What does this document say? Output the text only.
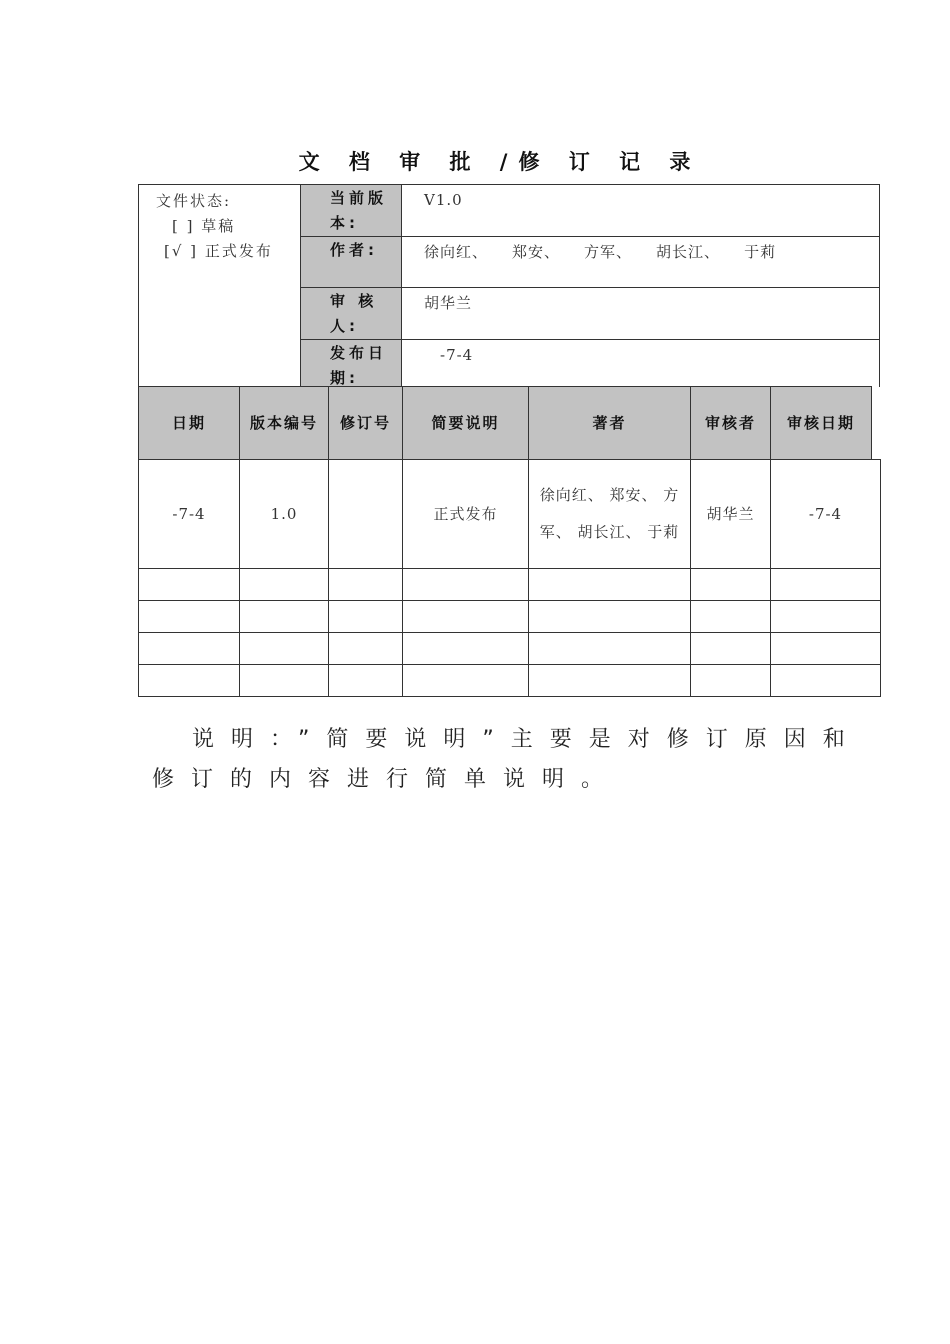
文 档 审 批 /修 订 记 录
文件状态:
[ ] 草稿
[√ ] 正式发布	当前版本:	V1.0
	作者:	徐向红、 郑安、 方军、 胡长江、 于莉
	审 核 人:	胡华兰
	发布日期:	-7-4
日期	版本编号	修订号	简要说明	著者	审核者	审核日期	
-7-4	1.0		正式发布	徐向红、 郑安、 方军、 胡长江、 于莉	胡华兰	-7-4	

说明：”简要说明”主要是对修订原因和修订的内容进行简单说明。
